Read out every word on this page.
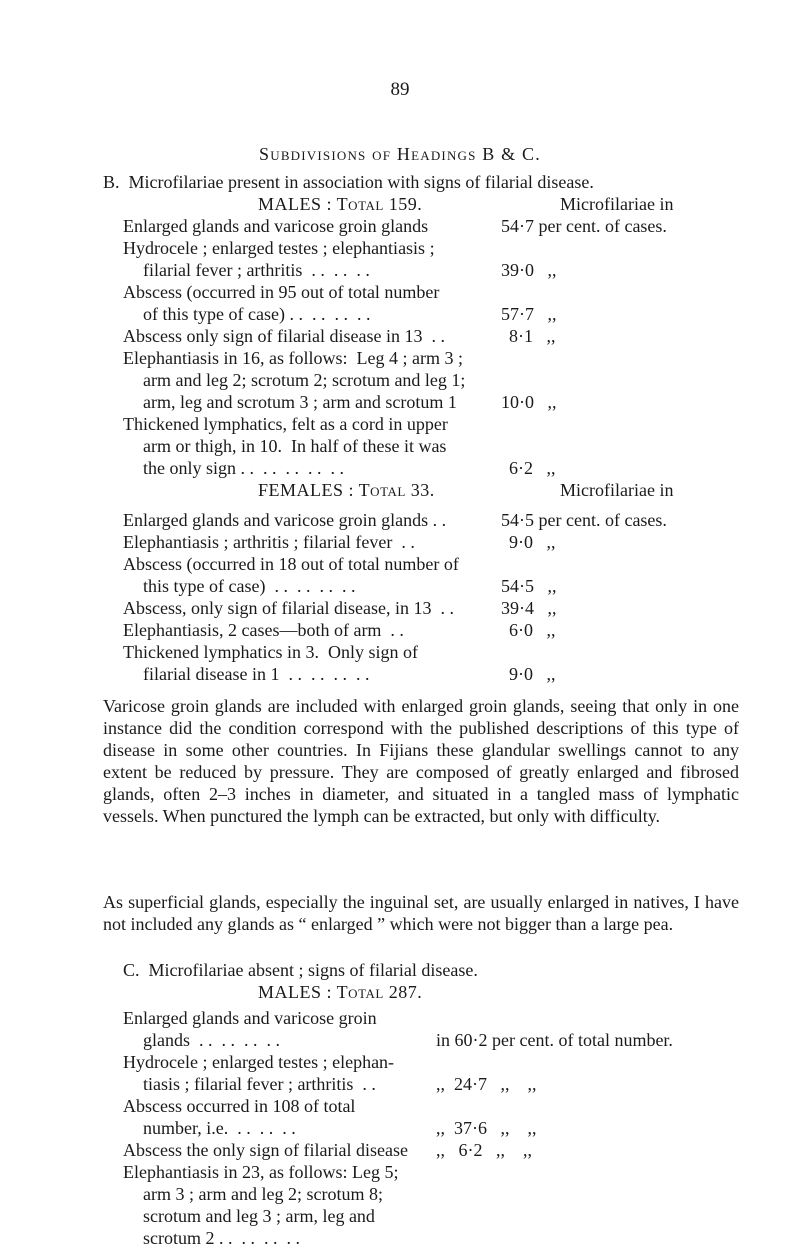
89
Subdivisions of Headings B & C.
B.  Microfilariae present in association with signs of filarial disease.
MALES : Total 159.	Microfilariae in
Enlarged glands and varicose groin glands	54·7 per cent. of cases.
Hydrocele ; enlarged testes ; elephantiasis ;
filarial fever ; arthritis  . .  . .  . .	39·0   ,,
Abscess (occurred in 95 out of total number
of this type of case) . .  . .  . .  . .	57·7   ,,
Abscess only sign of filarial disease in 13  . .	8·1   ,,
Elephantiasis in 16, as follows:  Leg 4 ; arm 3 ;
arm and leg 2; scrotum 2; scrotum and leg 1;
arm, leg and scrotum 3 ; arm and scrotum 1 10·0   ,,
Thickened lymphatics, felt as a cord in upper
arm or thigh, in 10.  In half of these it was
the only sign . .  . .  . .  . .  . .	6·2   ,,
FEMALES : Total 33.	Microfilariae in
Enlarged glands and varicose groin glands . .	54·5 per cent. of cases.
Elephantiasis ; arthritis ; filarial fever  . .	9·0   ,,
Abscess (occurred in 18 out of total number of
this type of case)  . .  . .  . .  . .	54·5   ,,
Abscess, only sign of filarial disease, in 13  . .	39·4   ,,
Elephantiasis, 2 cases—both of arm  . .	6·0   ,,
Thickened lymphatics in 3.  Only sign of
filarial disease in 1  . .  . .  . .  . .	9·0   ,,

Varicose groin glands are included with enlarged groin glands, seeing that only in one instance did the condition correspond with the published descriptions of this type of disease in some other countries. In Fijians these glandular swellings cannot to any extent be reduced by pressure. They are composed of greatly enlarged and fibrosed glands, often 2–3 inches in diameter, and situated in a tangled mass of lymphatic vessels. When punctured the lymph can be extracted, but only with difficulty.

As superficial glands, especially the inguinal set, are usually enlarged in natives, I have not included any glands as “ enlarged ” which were not bigger than a large pea.

C.  Microfilariae absent ; signs of filarial disease.
MALES : Total 287.
Enlarged glands and varicose groin
glands  . .  . .  . .  . .	in 60·2 per cent. of total number.
Hydrocele ; enlarged testes ; elephan-
tiasis ; filarial fever ; arthritis  . .	,,  24·7   ,,    ,,
Abscess occurred in 108 of total
number, i.e.  . .  . .  . .	,,  37·6   ,,    ,,
Abscess the only sign of filarial disease ,,   6·2   ,,    ,,
Elephantiasis in 23, as follows: Leg 5;
arm 3 ; arm and leg 2; scrotum 8;
scrotum and leg 3 ; arm, leg and
scrotum 2 . .  . .  . .  . .
